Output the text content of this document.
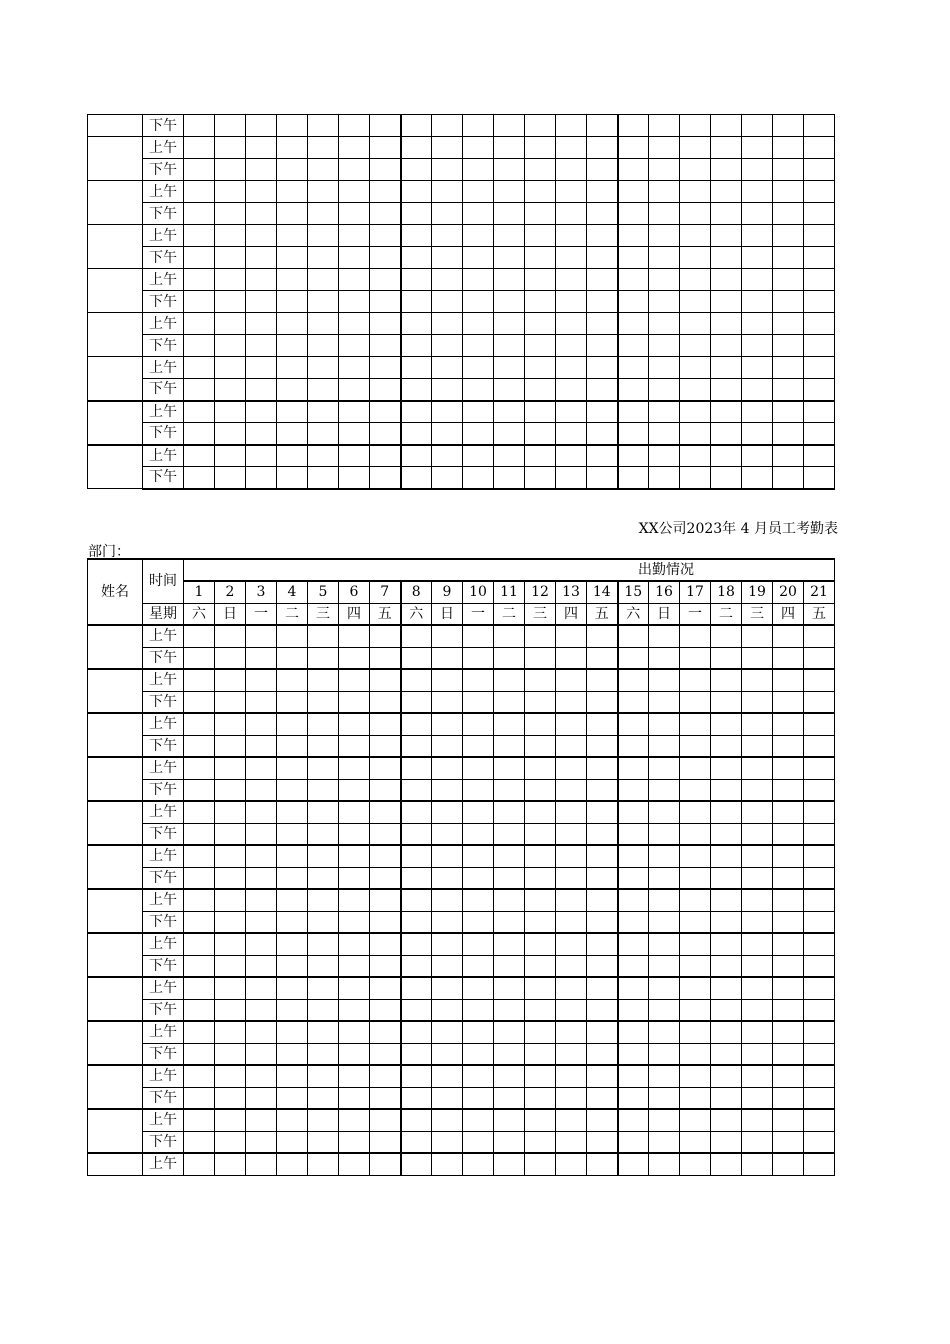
	下午																					
	上午																					
	下午																					
	上午																					
	下午																					
	上午																					
	下午																					
	上午																					
	下午																					
	上午																					
	下午																					
	上午																					
	下午																					
	上午																					
	下午																					
	上午																					
	下午																					
XX公司2023年 4 月员工考勤表
部门：
姓名	时间	出勤情况																				
		1	2	3	4	5	6	7	8	9	10	11	12	13	14	15	16	17	18	19	20	21
	星期	六	日	一	二	三	四	五	六	日	一	二	三	四	五	六	日	一	二	三	四	五
	上午																					
	下午																					
	上午																					
	下午																					
	上午																					
	下午																					
	上午																					
	下午																					
	上午																					
	下午																					
	上午																					
	下午																					
	上午																					
	下午																					
	上午																					
	下午																					
	上午																					
	下午																					
	上午																					
	下午																					
	上午																					
	下午																					
	上午																					
	下午																					
	上午																					
